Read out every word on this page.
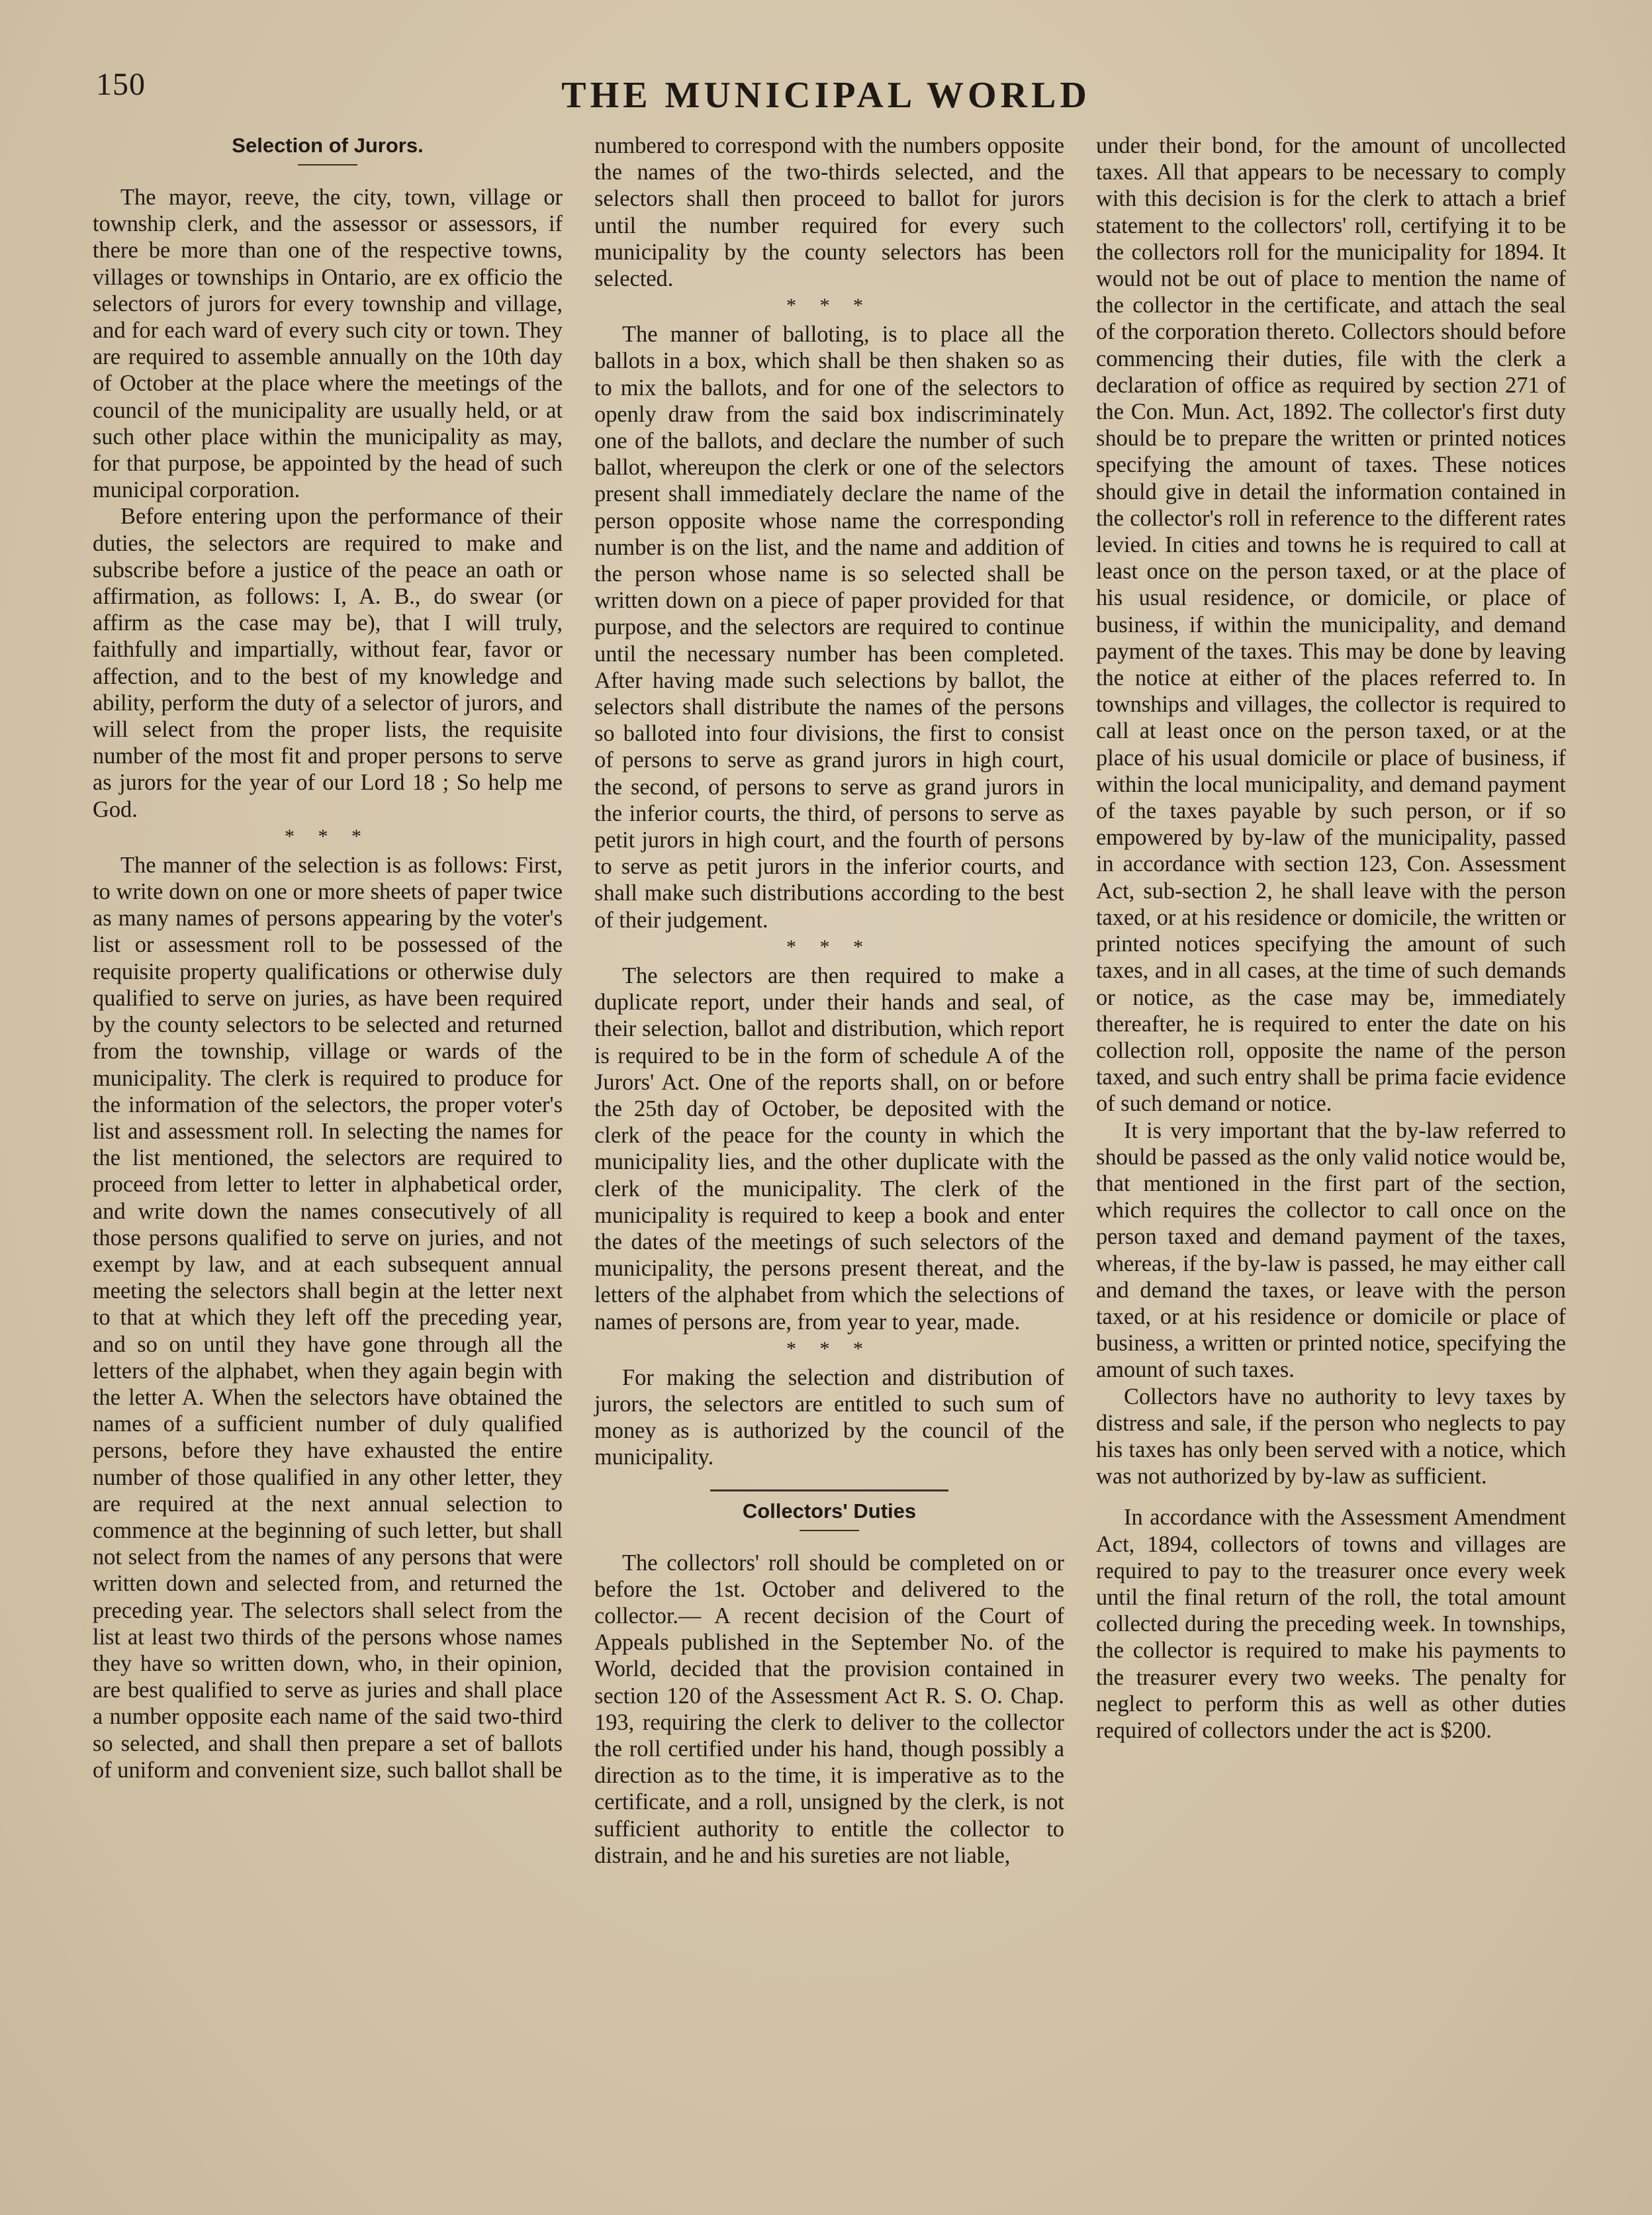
150	THE MUNICIPAL WORLD
Selection of Jurors.

The mayor, reeve, the city, town, village or township clerk, and the assessor or assessors, if there be more than one of the respective towns, villages or townships in Ontario, are ex officio the selectors of jurors for every township and village, and for each ward of every such city or town. They are required to assemble annually on the 10th day of October at the place where the meetings of the council of the municipality are usually held, or at such other place within the municipality as may, for that purpose, be appointed by the head of such municipal corporation.

Before entering upon the performance of their duties, the selectors are required to make and subscribe before a justice of the peace an oath or affirmation, as follows: I, A. B., do swear (or affirm as the case may be), that I will truly, faithfully and impartially, without fear, favor or affection, and to the best of my knowledge and ability, perform the duty of a selector of jurors, and will select from the proper lists, the requisite number of the most fit and proper persons to serve as jurors for the year of our Lord 18 ; So help me God.

* * *

The manner of the selection is as follows: First, to write down on one or more sheets of paper twice as many names of persons appearing by the voter's list or assessment roll to be possessed of the requisite property qualifications or otherwise duly qualified to serve on juries, as have been required by the county selectors to be selected and returned from the township, village or wards of the municipality. The clerk is required to produce for the information of the selectors, the proper voter's list and assessment roll. In selecting the names for the list mentioned, the selectors are required to proceed from letter to letter in alphabetical order, and write down the names consecutively of all those persons qualified to serve on juries, and not exempt by law, and at each subsequent annual meeting the selectors shall begin at the letter next to that at which they left off the preceding year, and so on until they have gone through all the letters of the alphabet, when they again begin with the letter A. When the selectors have obtained the names of a sufficient number of duly qualified persons, before they have exhausted the entire number of those qualified in any other letter, they are required at the next annual selection to commence at the beginning of such letter, but shall not select from the names of any persons that were written down and selected from, and returned the preceding year. The selectors shall select from the list at least two thirds of the persons whose names they have so written down, who, in their opinion, are best qualified to serve as juries and shall place a number opposite each name of the said two-third so selected, and shall then prepare a set of ballots of uniform and convenient size, such ballot shall be

numbered to correspond with the numbers opposite the names of the two-thirds selected, and the selectors shall then proceed to ballot for jurors until the number required for every such municipality by the county selectors has been selected.

* * *

The manner of balloting, is to place all the ballots in a box, which shall be then shaken so as to mix the ballots, and for one of the selectors to openly draw from the said box indiscriminately one of the ballots, and declare the number of such ballot, whereupon the clerk or one of the selectors present shall immediately declare the name of the person opposite whose name the corresponding number is on the list, and the name and addition of the person whose name is so selected shall be written down on a piece of paper provided for that purpose, and the selectors are required to continue until the necessary number has been completed. After having made such selections by ballot, the selectors shall distribute the names of the persons so balloted into four divisions, the first to consist of persons to serve as grand jurors in high court, the second, of persons to serve as grand jurors in the inferior courts, the third, of persons to serve as petit jurors in high court, and the fourth of persons to serve as petit jurors in the inferior courts, and shall make such distributions according to the best of their judgement.

* * *

The selectors are then required to make a duplicate report, under their hands and seal, of their selection, ballot and distribution, which report is required to be in the form of schedule A of the Jurors' Act. One of the reports shall, on or before the 25th day of October, be deposited with the clerk of the peace for the county in which the municipality lies, and the other duplicate with the clerk of the municipality. The clerk of the municipality is required to keep a book and enter the dates of the meetings of such selectors of the municipality, the persons present thereat, and the letters of the alphabet from which the selections of names of persons are, from year to year, made.

* * *

For making the selection and distribution of jurors, the selectors are entitled to such sum of money as is authorized by the council of the municipality.

Collectors' Duties

The collectors' roll should be completed on or before the 1st. October and delivered to the collector.— A recent decision of the Court of Appeals published in the September No. of the World, decided that the provision contained in section 120 of the Assessment Act R. S. O. Chap. 193, requiring the clerk to deliver to the collector the roll certified under his hand, though possibly a direction as to the time, it is imperative as to the certificate, and a roll, unsigned by the clerk, is not sufficient authority to entitle the collector to distrain, and he and his sureties are not liable,

under their bond, for the amount of uncollected taxes. All that appears to be necessary to comply with this decision is for the clerk to attach a brief statement to the collectors' roll, certifying it to be the collectors roll for the municipality for 1894. It would not be out of place to mention the name of the collector in the certificate, and attach the seal of the corporation thereto. Collectors should before commencing their duties, file with the clerk a declaration of office as required by section 271 of the Con. Mun. Act, 1892. The collector's first duty should be to prepare the written or printed notices specifying the amount of taxes. These notices should give in detail the information contained in the collector's roll in reference to the different rates levied. In cities and towns he is required to call at least once on the person taxed, or at the place of his usual residence, or domicile, or place of business, if within the municipality, and demand payment of the taxes. This may be done by leaving the notice at either of the places referred to. In townships and villages, the collector is required to call at least once on the person taxed, or at the place of his usual domicile or place of business, if within the local municipality, and demand payment of the taxes payable by such person, or if so empowered by by-law of the municipality, passed in accordance with section 123, Con. Assessment Act, sub-section 2, he shall leave with the person taxed, or at his residence or domicile, the written or printed notices specifying the amount of such taxes, and in all cases, at the time of such demands or notice, as the case may be, immediately thereafter, he is required to enter the date on his collection roll, opposite the name of the person taxed, and such entry shall be prima facie evidence of such demand or notice.

It is very important that the by-law referred to should be passed as the only valid notice would be, that mentioned in the first part of the section, which requires the collector to call once on the person taxed and demand payment of the taxes, whereas, if the by-law is passed, he may either call and demand the taxes, or leave with the person taxed, or at his residence or domicile or place of business, a written or printed notice, specifying the amount of such taxes.

Collectors have no authority to levy taxes by distress and sale, if the person who neglects to pay his taxes has only been served with a notice, which was not authorized by by-law as sufficient.

In accordance with the Assessment Amendment Act, 1894, collectors of towns and villages are required to pay to the treasurer once every week until the final return of the roll, the total amount collected during the preceding week. In townships, the collector is required to make his payments to the treasurer every two weeks. The penalty for neglect to perform this as well as other duties required of collectors under the act is $200.
